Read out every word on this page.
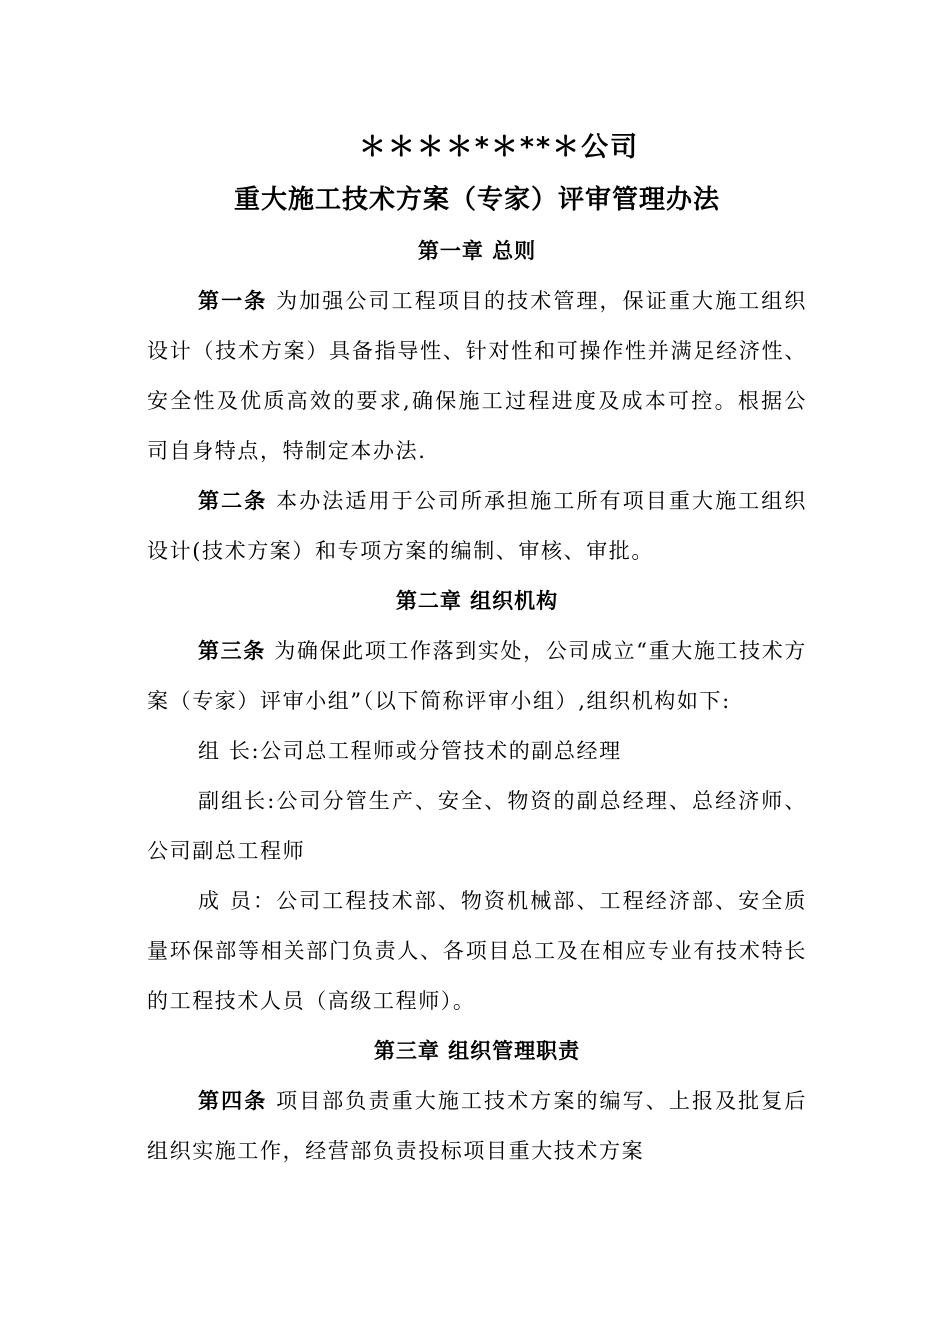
＊＊＊＊*＊**＊公司
重大施工技术方案（专家）评审管理办法
第一章 总则

第一条 为加强公司工程项目的技术管理，保证重大施工组织设计（技术方案）具备指导性、针对性和可操作性并满足经济性、安全性及优质高效的要求,确保施工过程进度及成本可控。根据公司自身特点，特制定本办法.

第二条 本办法适用于公司所承担施工所有项目重大施工组织设计(技术方案）和专项方案的编制、审核、审批。

第二章 组织机构

第三条 为确保此项工作落到实处，公司成立“重大施工技术方案（专家）评审小组”（以下简称评审小组）,组织机构如下:

组 长:公司总工程师或分管技术的副总经理

副组长:公司分管生产、安全、物资的副总经理、总经济师、公司副总工程师

成 员：公司工程技术部、物资机械部、工程经济部、安全质量环保部等相关部门负责人、各项目总工及在相应专业有技术特长的工程技术人员（高级工程师）。

第三章 组织管理职责

第四条 项目部负责重大施工技术方案的编写、上报及批复后组织实施工作，经营部负责投标项目重大技术方案
